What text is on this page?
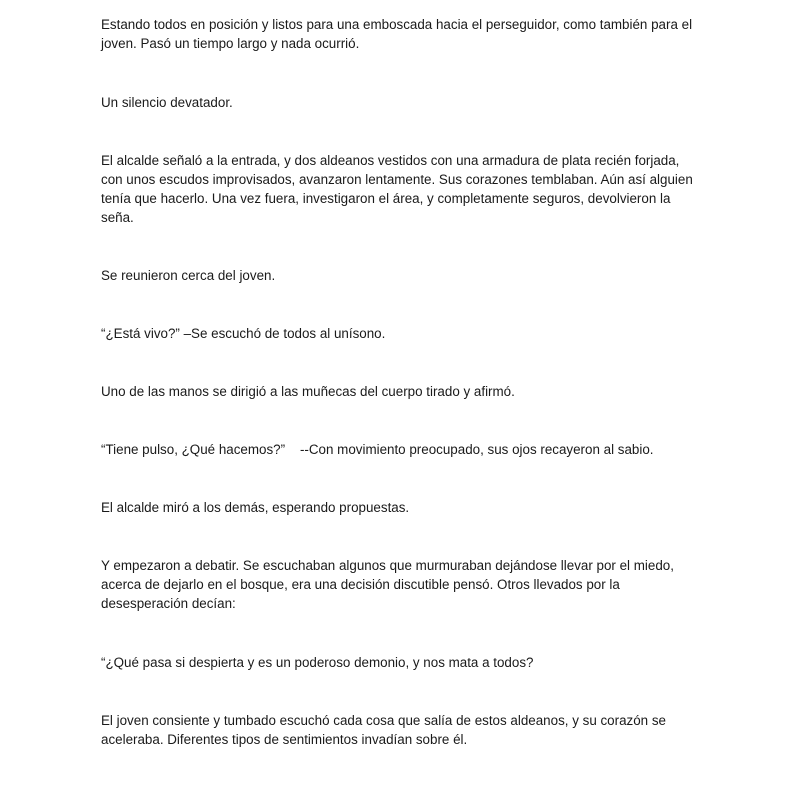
Estando todos en posición y listos para una emboscada hacia el perseguidor, como también para el
joven. Pasó un tiempo largo y nada ocurrió.

Un silencio devatador.

El alcalde señaló a la entrada, y dos aldeanos vestidos con una armadura de plata recién forjada,
con unos escudos improvisados, avanzaron lentamente. Sus corazones temblaban. Aún así alguien
tenía que hacerlo. Una vez fuera, investigaron el área, y completamente seguros, devolvieron la
seña.

Se reunieron cerca del joven.

“¿Está vivo?” –Se escuchó de todos al unísono.

Uno de las manos se dirigió a las muñecas del cuerpo tirado y afirmó.

“Tiene pulso, ¿Qué hacemos?”    --Con movimiento preocupado, sus ojos recayeron al sabio.

El alcalde miró a los demás, esperando propuestas.

Y empezaron a debatir. Se escuchaban algunos que murmuraban dejándose llevar por el miedo,
acerca de dejarlo en el bosque, era una decisión discutible pensó. Otros llevados por la
desesperación decían:

“¿Qué pasa si despierta y es un poderoso demonio, y nos mata a todos?

El joven consiente y tumbado escuchó cada cosa que salía de estos aldeanos, y su corazón se
aceleraba. Diferentes tipos de sentimientos invadían sobre él.
